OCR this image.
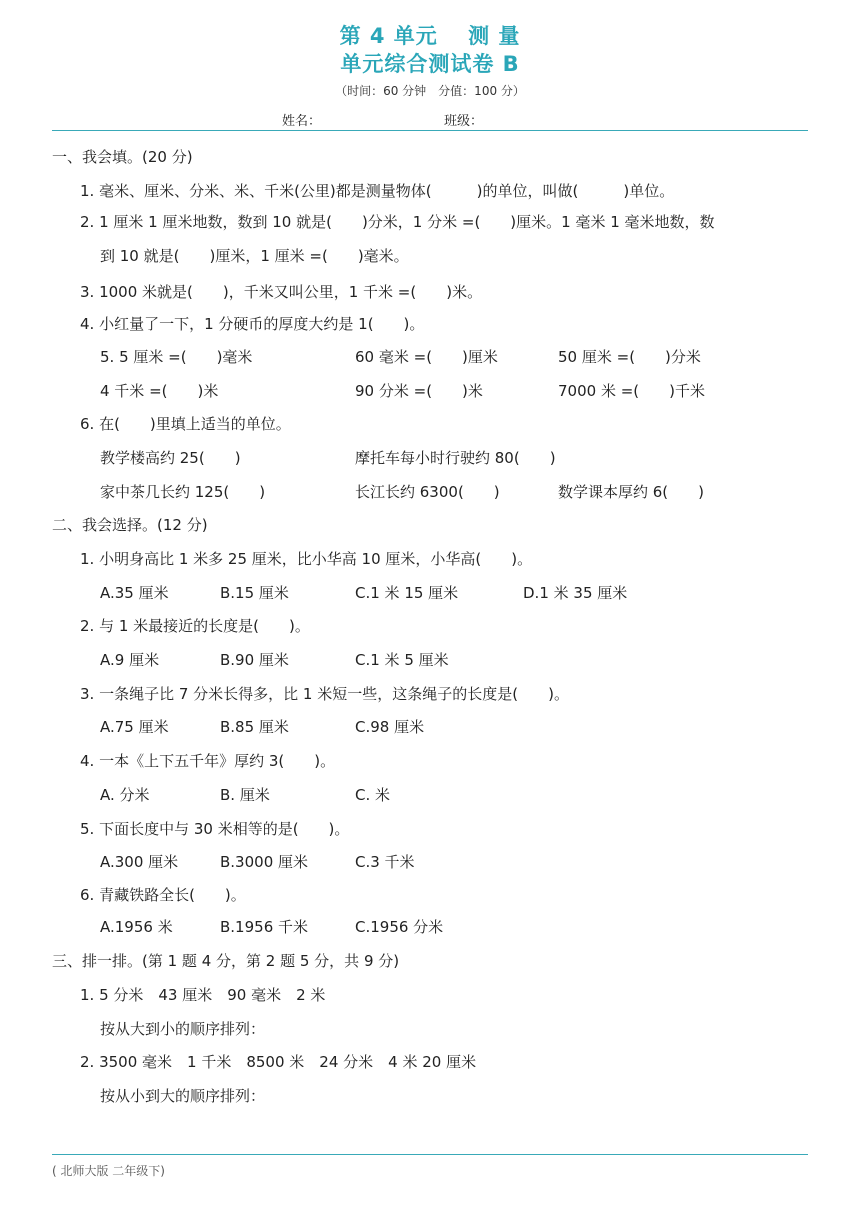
第 4 单元　 测 量
单元综合测试卷 B
（时间：60 分钟　分值：100 分）
姓名：	班级：
一、我会填。(20 分)
1. 毫米、厘米、分米、米、千米(公里)都是测量物体(　　　)的单位，叫做(　　　)单位。
2. 1 厘米 1 厘米地数，数到 10 就是(　　)分米，1 分米 =(　　)厘米。1 毫米 1 毫米地数，数
到 10 就是(　　)厘米，1 厘米 =(　　)毫米。
3. 1000 米就是(　　)，千米又叫公里，1 千米 =(　　)米。
4. 小红量了一下，1 分硬币的厚度大约是 1(　　)。
5. 5 厘米 =(　　)毫米	60 毫米 =(　　)厘米	50 厘米 =(　　)分米
4 千米 =(　　)米	90 分米 =(　　)米	7000 米 =(　　)千米
6. 在(　　)里填上适当的单位。
教学楼高约 25(　　)	摩托车每小时行驶约 80(　　)
家中茶几长约 125(　　)	长江长约 6300(　　)	数学课本厚约 6(　　)
二、我会选择。(12 分)
1. 小明身高比 1 米多 25 厘米，比小华高 10 厘米，小华高(　　)。
A.35 厘米	B.15 厘米	C.1 米 15 厘米	D.1 米 35 厘米
2. 与 1 米最接近的长度是(　　)。
A.9 厘米	B.90 厘米	C.1 米 5 厘米
3. 一条绳子比 7 分米长得多，比 1 米短一些，这条绳子的长度是(　　)。
A.75 厘米	B.85 厘米	C.98 厘米
4. 一本《上下五千年》厚约 3(　　)。
A. 分米	B. 厘米	C. 米
5. 下面长度中与 30 米相等的是(　　)。
A.300 厘米	B.3000 厘米	C.3 千米
6. 青藏铁路全长(　　)。
A.1956 米	B.1956 千米	C.1956 分米
三、排一排。(第 1 题 4 分，第 2 题 5 分，共 9 分)
1. 5 分米　43 厘米　90 毫米　2 米
按从大到小的顺序排列：
2. 3500 毫米　1 千米　8500 米　24 分米　4 米 20 厘米
按从小到大的顺序排列：
( 北师大版 二年级下)
